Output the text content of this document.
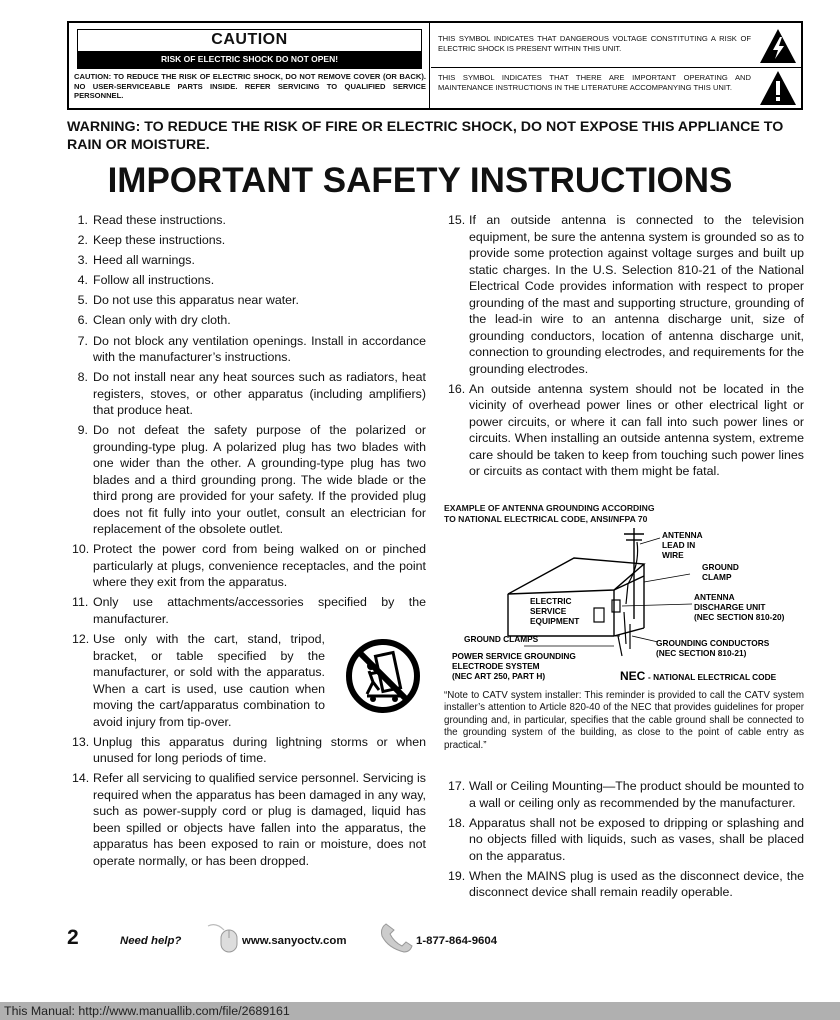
CAUTION
RISK OF ELECTRIC SHOCK DO NOT OPEN!
CAUTION: TO REDUCE THE RISK OF ELECTRIC SHOCK, DO NOT REMOVE COVER (OR BACK). NO USER-SERVICEABLE PARTS INSIDE. REFER SERVICING TO QUALIFIED SERVICE PERSONNEL.
THIS SYMBOL INDICATES THAT DANGEROUS VOLTAGE CONSTITUTING A RISK OF ELECTRIC SHOCK IS PRESENT WITHIN THIS UNIT.
THIS SYMBOL INDICATES THAT THERE ARE IMPORTANT OPERATING AND MAINTENANCE INSTRUCTIONS IN THE LITERATURE ACCOMPANYING THIS UNIT.
WARNING: TO REDUCE THE RISK OF FIRE OR ELECTRIC SHOCK, DO NOT EXPOSE THIS APPLIANCE TO RAIN OR MOISTURE.
IMPORTANT SAFETY INSTRUCTIONS
1. Read these instructions.
2. Keep these instructions.
3. Heed all warnings.
4. Follow all instructions.
5. Do not use this apparatus near water.
6. Clean only with dry cloth.
7. Do not block any ventilation openings. Install in accordance with the manufacturer’s instructions.
8. Do not install near any heat sources such as radiators, heat registers, stoves, or other apparatus (including amplifiers) that produce heat.
9. Do not defeat the safety purpose of the polarized or grounding-type plug. A polarized plug has two blades with one wider than the other. A grounding-type plug has two blades and a third grounding prong. The wide blade or the third prong are provided for your safety. If the provided plug does not fit fully into your outlet, consult an electrician for replacement of the obsolete outlet.
10. Protect the power cord from being walked on or pinched particularly at plugs, convenience receptacles, and the point where they exit from the apparatus.
11. Only use attachments/accessories specified by the manufacturer.
12. Use only with the cart, stand, tripod, bracket, or table specified by the manufacturer, or sold with the apparatus. When a cart is used, use caution when moving the cart/apparatus combination to avoid injury from tip-over.
13. Unplug this apparatus during lightning storms or when unused for long periods of time.
14. Refer all servicing to qualified service personnel. Servicing is required when the apparatus has been damaged in any way, such as power-supply cord or plug is damaged, liquid has been spilled or objects have fallen into the apparatus, the apparatus has been exposed to rain or moisture, does not operate normally, or has been dropped.
15. If an outside antenna is connected to the television equipment, be sure the antenna system is grounded so as to provide some protection against voltage surges and built up static charges. In the U.S. Selection 810-21 of the National Electrical Code provides information with respect to proper grounding of the mast and supporting structure, grounding of the lead-in wire to an antenna discharge unit, size of grounding conductors, location of antenna discharge unit, connection to grounding electrodes, and requirements for the grounding electrodes.
16. An outside antenna system should not be located in the vicinity of overhead power lines or other electrical light or power circuits, or where it can fall into such power lines or circuits. When installing an outside antenna system, extreme care should be taken to keep from touching such power lines or circuits as contact with them might be fatal.
EXAMPLE OF ANTENNA GROUNDING ACCORDING
TO NATIONAL ELECTRICAL CODE, ANSI/NFPA 70
ANTENNA
LEAD IN
WIRE
GROUND
CLAMP
ELECTRIC
SERVICE
EQUIPMENT
ANTENNA
DISCHARGE UNIT
(NEC SECTION 810-20)
GROUND CLAMPS	GROUNDING CONDUCTORS
(NEC SECTION 810-21)
POWER SERVICE GROUNDING
ELECTRODE SYSTEM
(NEC ART 250, PART H)	NEC - NATIONAL ELECTRICAL CODE
“Note to CATV system installer: This reminder is provided to call the CATV system installer’s attention to Article 820-40 of the NEC that provides guidelines for proper grounding and, in particular, specifies that the cable ground shall be connected to the grounding system of the building, as close to the point of cable entry as practical.”
17. Wall or Ceiling Mounting—The product should be mounted to a wall or ceiling only as recommended by the manufacturer.
18. Apparatus shall not be exposed to dripping or splashing and no objects filled with liquids, such as vases, shall be placed on the apparatus.
19. When the MAINS plug is used as the disconnect device, the disconnect device shall remain readily operable.
2	Need help?	www.sanyoctv.com	1-877-864-9604
This Manual: http://www.manuallib.com/file/2689161
